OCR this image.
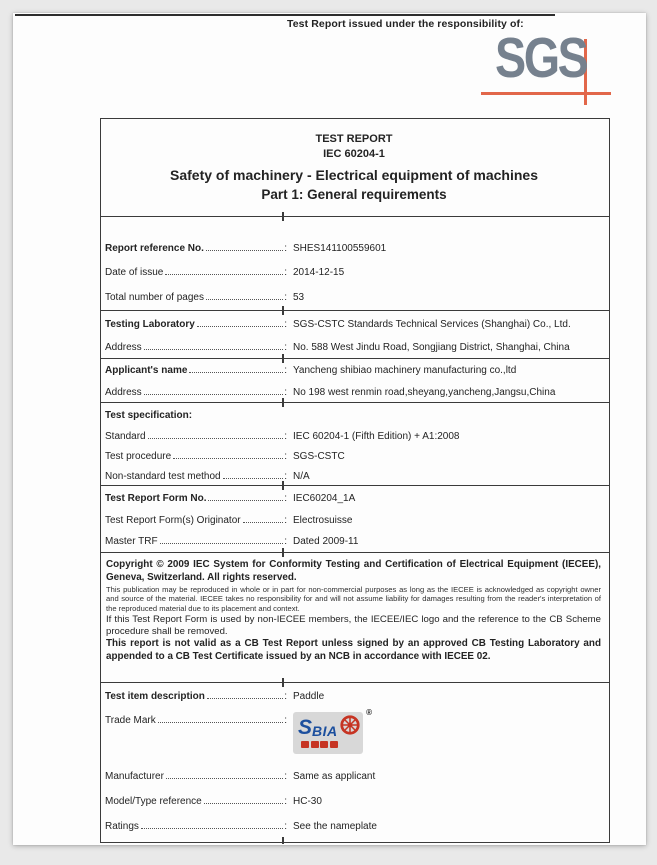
Test Report issued under the responsibility of:
SGS
TEST REPORT
IEC 60204-1
Safety of machinery - Electrical equipment of machines
Part 1: General requirements
Report reference No.	: SHES141100559601
Date of issue	: 2014-12-15
Total number of pages	: 53
Testing Laboratory	: SGS-CSTC Standards Technical Services (Shanghai) Co., Ltd.
Address	: No. 588 West Jindu Road, Songjiang District, Shanghai, China
Applicant's name	: Yancheng shibiao machinery manufacturing co.,ltd
Address	: No 198 west renmin road,sheyang,yancheng,Jangsu,China
Test specification:
Standard	: IEC 60204-1 (Fifth Edition) + A1:2008
Test procedure	: SGS-CSTC
Non-standard test method	: N/A
Test Report Form No.	: IEC60204_1A
Test Report Form(s) Originator	: Electrosuisse
Master TRF	: Dated 2009-11
Copyright © 2009 IEC System for Conformity Testing and Certification of Electrical Equipment (IECEE), Geneva, Switzerland. All rights reserved.
This publication may be reproduced in whole or in part for non-commercial purposes as long as the IECEE is acknowledged as copyright owner and source of the material. IECEE takes no responsibility for and will not assume liability for damages resulting from the reader's interpretation of the reproduced material due to its placement and context.
If this Test Report Form is used by non-IECEE members, the IECEE/IEC logo and the reference to the CB Scheme procedure shall be removed.
This report is not valid as a CB Test Report unless signed by an approved CB Testing Laboratory and appended to a CB Test Certificate issued by an NCB in accordance with IECEE 02.
Test item description	: Paddle
Trade Mark	: S BIA
®
Manufacturer	: Same as applicant
Model/Type reference	: HC-30
Ratings	: See the nameplate
